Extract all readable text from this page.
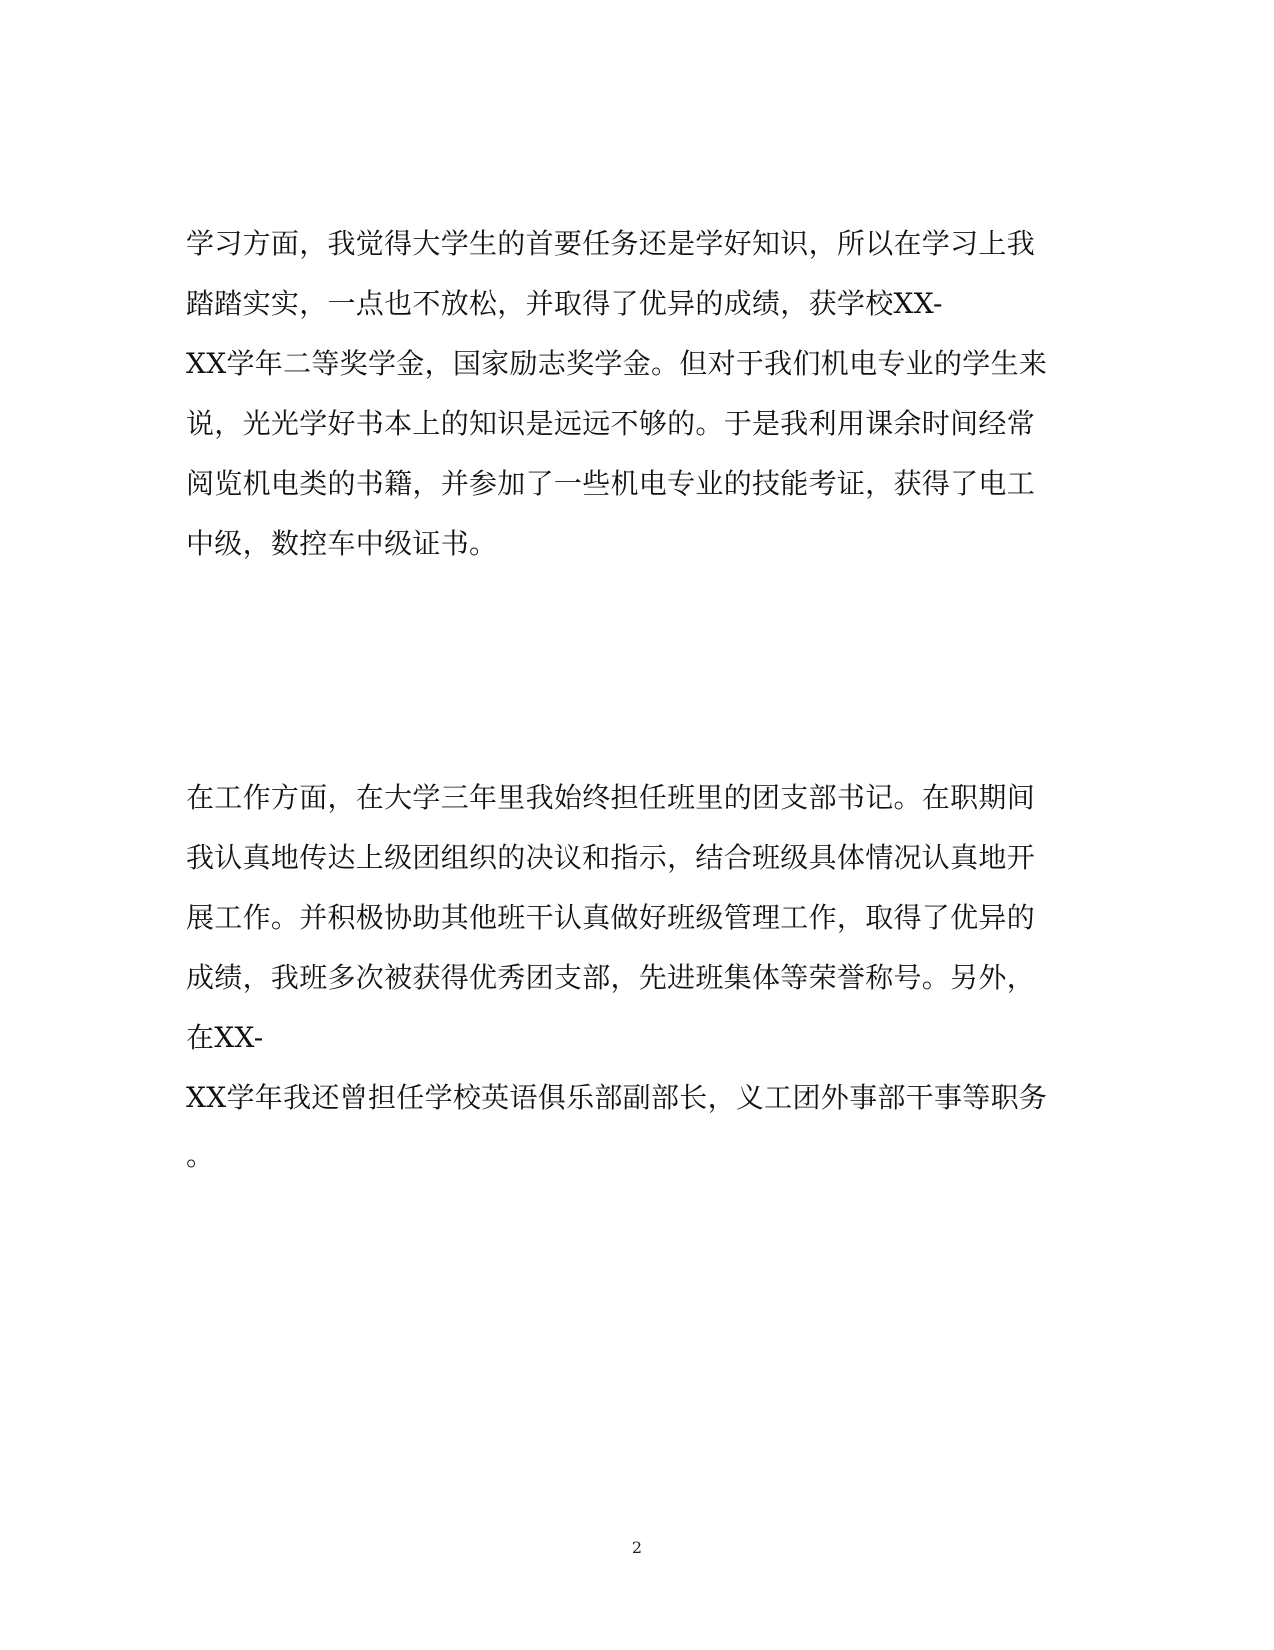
学习方面，我觉得大学生的首要任务还是学好知识，所以在学习上我
踏踏实实，一点也不放松，并取得了优异的成绩，获学校XX-
XX学年二等奖学金，国家励志奖学金。但对于我们机电专业的学生来
说，光光学好书本上的知识是远远不够的。于是我利用课余时间经常
阅览机电类的书籍，并参加了一些机电专业的技能考证，获得了电工
中级，数控车中级证书。
在工作方面，在大学三年里我始终担任班里的团支部书记。在职期间
我认真地传达上级团组织的决议和指示，结合班级具体情况认真地开
展工作。并积极协助其他班干认真做好班级管理工作，取得了优异的
成绩，我班多次被获得优秀团支部，先进班集体等荣誉称号。另外，
在XX-
XX学年我还曾担任学校英语俱乐部副部长，义工团外事部干事等职务
。
2
